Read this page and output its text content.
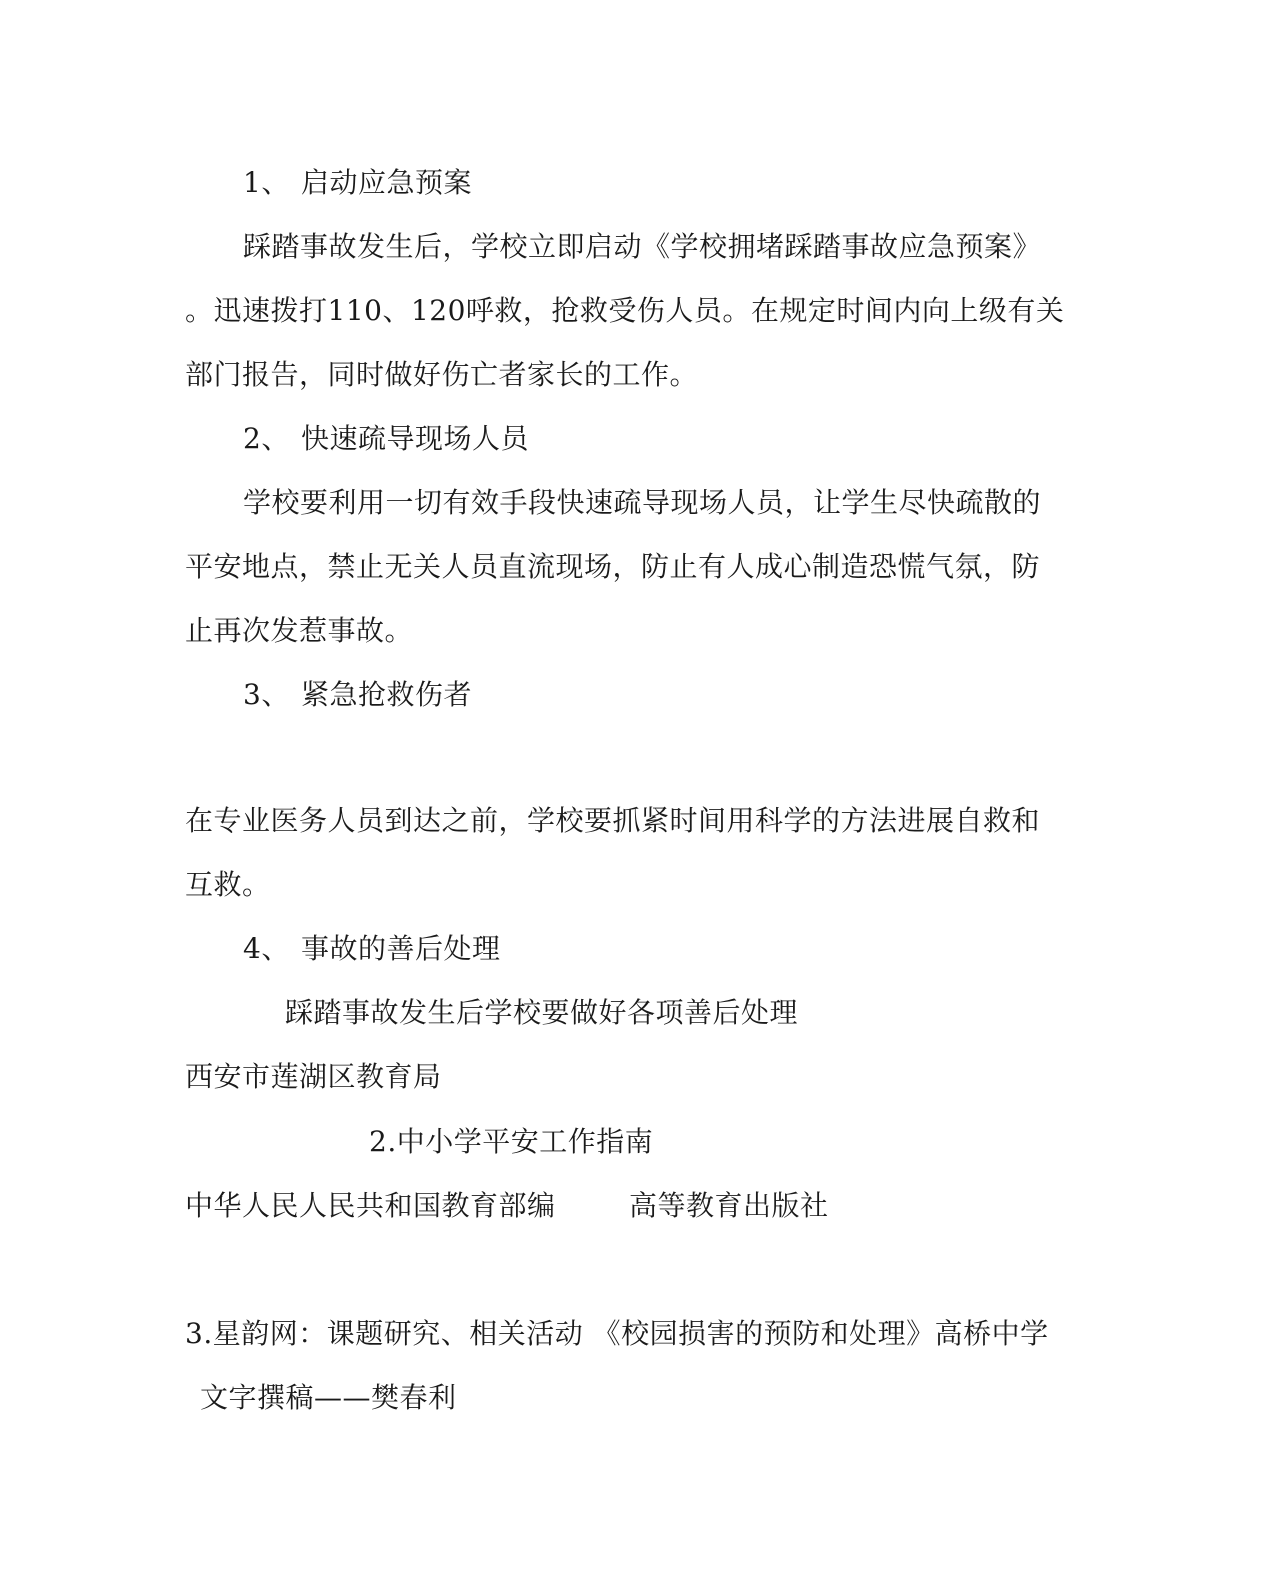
1、 启动应急预案
踩踏事故发生后，学校立即启动《学校拥堵踩踏事故应急预案》
。迅速拨打110、120呼救，抢救受伤人员。在规定时间内向上级有关
部门报告，同时做好伤亡者家长的工作。
2、 快速疏导现场人员
学校要利用一切有效手段快速疏导现场人员，让学生尽快疏散的
平安地点，禁止无关人员直流现场，防止有人成心制造恐慌气氛，防
止再次发惹事故。
3、 紧急抢救伤者
在专业医务人员到达之前，学校要抓紧时间用科学的方法进展自救和
互救。
4、 事故的善后处理
踩踏事故发生后学校要做好各项善后处理
西安市莲湖区教育局
2.中小学平安工作指南
中华人民人民共和国教育部编	高等教育出版社
3.星韵网：课题研究、相关活动 《校园损害的预防和处理》高桥中学
文字撰稿——樊春利
